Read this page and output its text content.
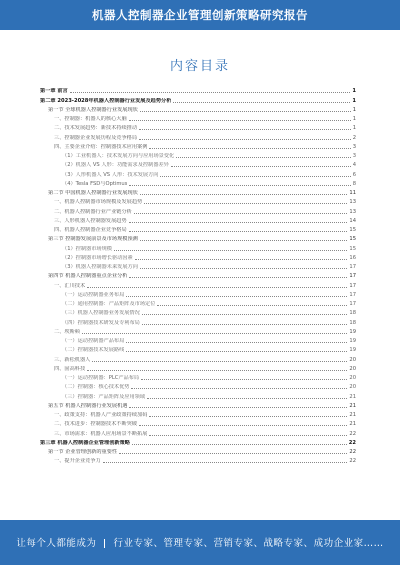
机器人控制器企业管理创新策略研究报告
内容目录
第一章 前言	1
第二章 2023-2028年机器人控制器行业发展及趋势分析	1
第一节 全球机器人控制器行业发展现状	1
一、控制器：机器人的核心大脑	1
二、技术发展趋势：新技术持续推动	1
三、控制器企业发展历程及竞争格局	2
四、主要企业介绍：控制器技术应用案例	3
（1）工业机器人：技术发展方向与应用场景变化	3
（2）机器人 VS 人形：功能需求及控制器差异	4
（3）人形机器人 VS 人形：技术发展方向	6
（4）Tesla FSD与Optimus	8
第二节 中国机器人控制器行业发展现状	11
一、机器人控制器市场规模及发展趋势	13
二、机器人控制器行业产业链分析	13
三、人形机器人控制器发展趋势	14
四、机器人控制器企业竞争格局	15
第三节 控制器发展前景及市场规模预测	15
（1）控制器市场规模	15
（2）控制器市场增长驱动因素	16
（3）机器人控制器未来发展方向	17
第四节 机器人控制器重点企业分析	17
一、汇川技术	17
（一）运动控制器业务布局	17
（二）通用控制器：产品矩阵及市场定位	17
（三）机器人控制器业务发展情况	18
（四）控制器技术研发及专利布局	18
二、埃斯顿	19
（一）运动控制器产品布局	19
（二）控制器技术发展路线	19
三、新松机器人	20
四、固高科技	20
（一）运动控制器：PLC产品布局	20
（二）控制器：核心技术优势	20
（三）控制器：产品矩阵及应用领域	21
第五节 机器人控制器行业发展机遇	21
一、政策支持：机器人产业政策持续加码	21
二、技术进步：控制器技术不断突破	21
三、市场需求：机器人应用场景不断拓展	22
第三章 机器人控制器企业管理创新策略	22
第一节 企业管理创新的重要性	22
一、提升企业竞争力	22
让每个人都能成为 行业专家、管理专家、营销专家、战略专家、成功企业家……
